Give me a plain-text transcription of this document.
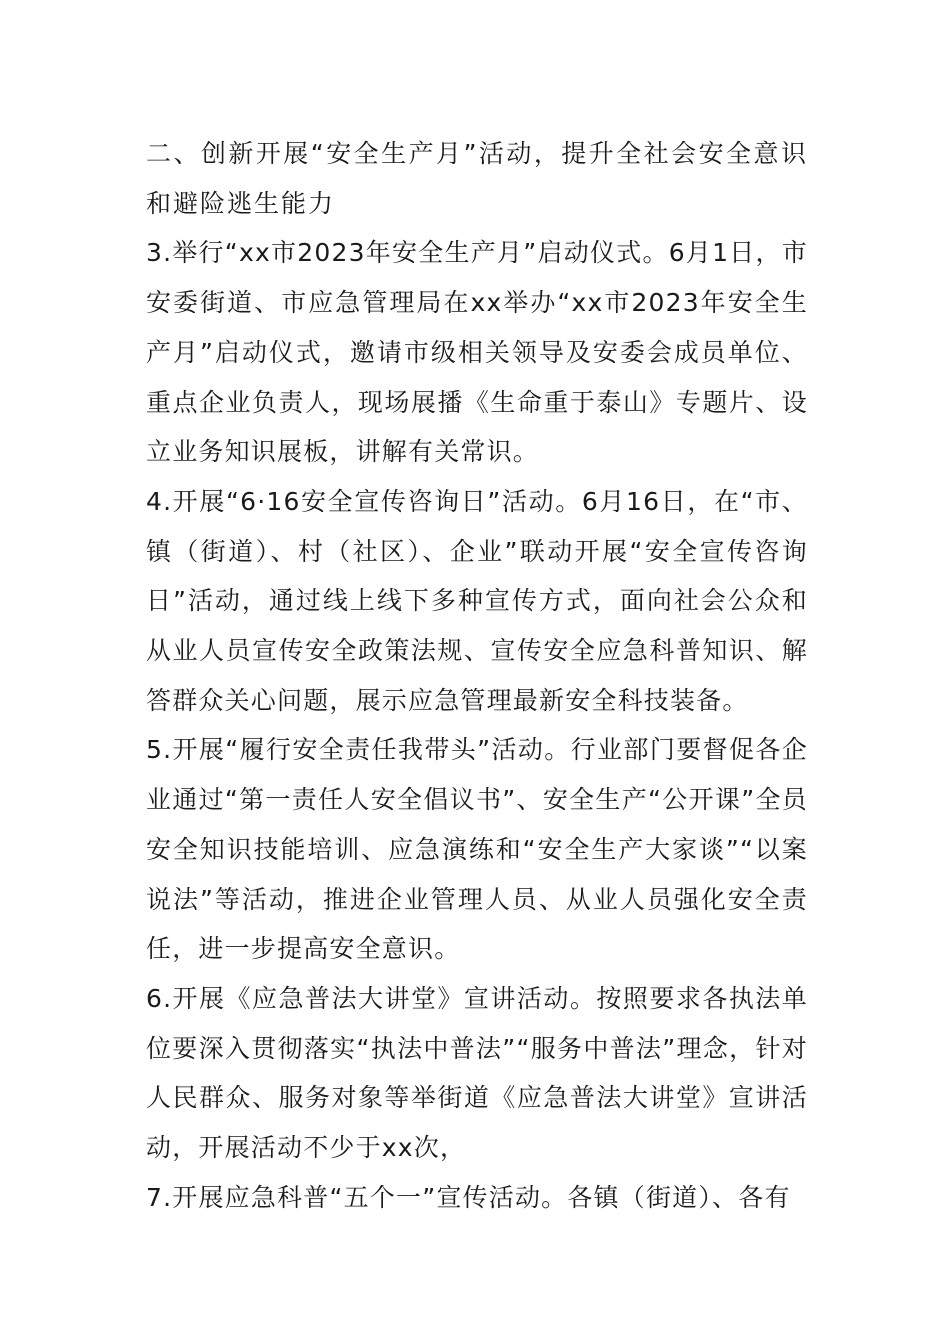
二、创新开展“安全生产月”活动，提升全社会安全意识和避险逃生能力

3.举行“xx市2023年安全生产月”启动仪式。6月1日，市安委街道、市应急管理局在xx举办“xx市2023年安全生产月”启动仪式，邀请市级相关领导及安委会成员单位、重点企业负责人，现场展播《生命重于泰山》专题片、设立业务知识展板，讲解有关常识。

4.开展“6·16安全宣传咨询日”活动。6月16日，在“市、镇（街道）、村（社区）、企业”联动开展“安全宣传咨询日”活动，通过线上线下多种宣传方式，面向社会公众和从业人员宣传安全政策法规、宣传安全应急科普知识、解答群众关心问题，展示应急管理最新安全科技装备。

5.开展“履行安全责任我带头”活动。行业部门要督促各企业通过“第一责任人安全倡议书”、安全生产“公开课”全员安全知识技能培训、应急演练和“安全生产大家谈”“以案说法”等活动，推进企业管理人员、从业人员强化安全责任，进一步提高安全意识。

6.开展《应急普法大讲堂》宣讲活动。按照要求各执法单位要深入贯彻落实“执法中普法”“服务中普法”理念，针对人民群众、服务对象等举街道《应急普法大讲堂》宣讲活动，开展活动不少于xx次，

7.开展应急科普“五个一”宣传活动。各镇（街道）、各有
